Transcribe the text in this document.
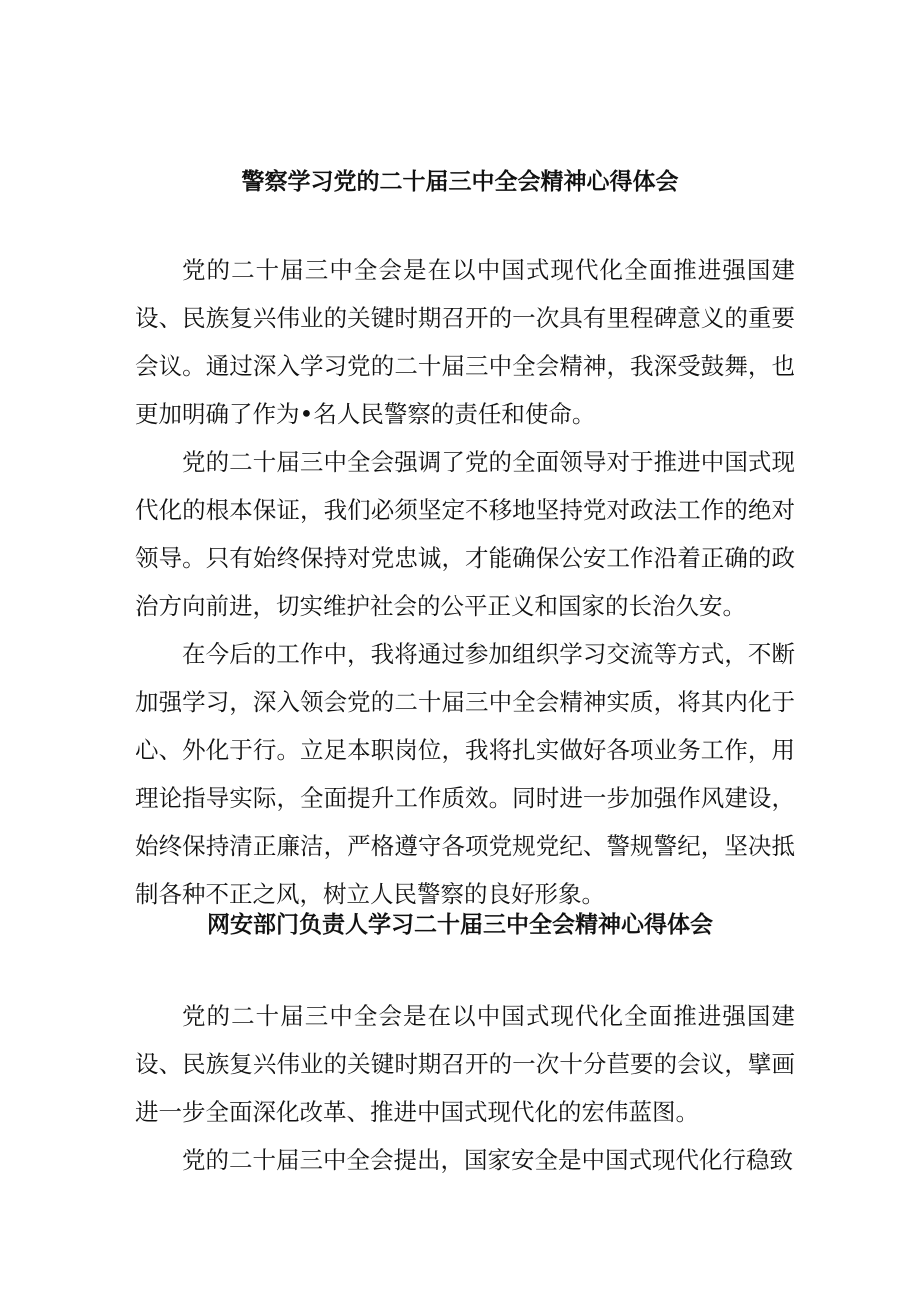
警察学习党的二十届三中全会精神心得体会

党的二十届三中全会是在以中国式现代化全面推进强国建设、民族复兴伟业的关键时期召开的一次具有里程碑意义的重要会议。通过深入学习党的二十届三中全会精神，我深受鼓舞，也更加明确了作为•名人民警察的责任和使命。

党的二十届三中全会强调了党的全面领导对于推进中国式现代化的根本保证，我们必须坚定不移地坚持党对政法工作的绝对领导。只有始终保持对党忠诚，才能确保公安工作沿着正确的政治方向前进，切实维护社会的公平正义和国家的长治久安。

在今后的工作中，我将通过参加组织学习交流等方式，不断加强学习，深入领会党的二十届三中全会精神实质，将其内化于心、外化于行。立足本职岗位，我将扎实做好各项业务工作，用理论指导实际，全面提升工作质效。同时进一步加强作风建设，始终保持清正廉洁，严格遵守各项党规党纪、警规警纪，坚决抵制各种不正之风，树立人民警察的良好形象。

网安部门负责人学习二十届三中全会精神心得体会

党的二十届三中全会是在以中国式现代化全面推进强国建设、民族复兴伟业的关键时期召开的一次十分苣要的会议，擘画进一步全面深化改革、推进中国式现代化的宏伟蓝图。

党的二十届三中全会提出，国家安全是中国式现代化行稳致
